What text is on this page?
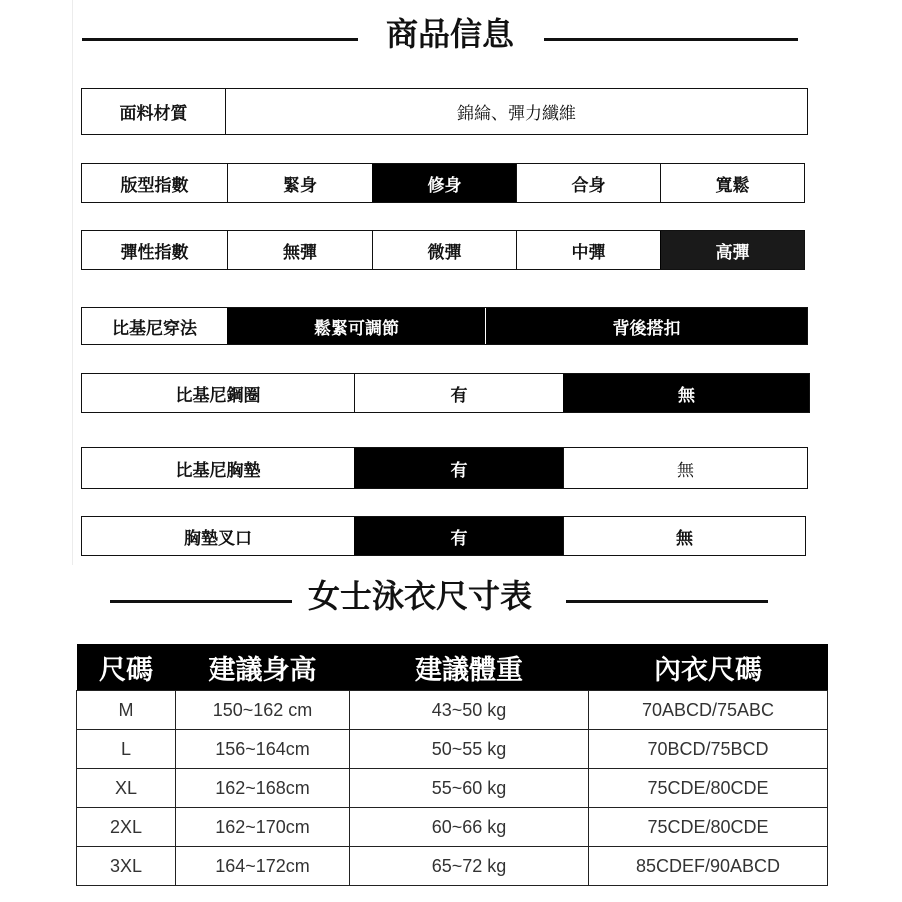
商品信息
面料材質	錦綸、彈力纖維
版型指數	緊身	修身	合身	寬鬆
彈性指數	無彈	微彈	中彈	高彈
比基尼穿法	鬆緊可調節	背後搭扣
比基尼鋼圈	有	無
比基尼胸墊	有	無
胸墊叉口	有	無
女士泳衣尺寸表
尺碼	建議身高	建議體重	內衣尺碼
M	150~162 cm	43~50 kg	70ABCD/75ABC
L	156~164cm	50~55 kg	70BCD/75BCD
XL	162~168cm	55~60 kg	75CDE/80CDE
2XL	162~170cm	60~66 kg	75CDE/80CDE
3XL	164~172cm	65~72 kg	85CDEF/90ABCD
